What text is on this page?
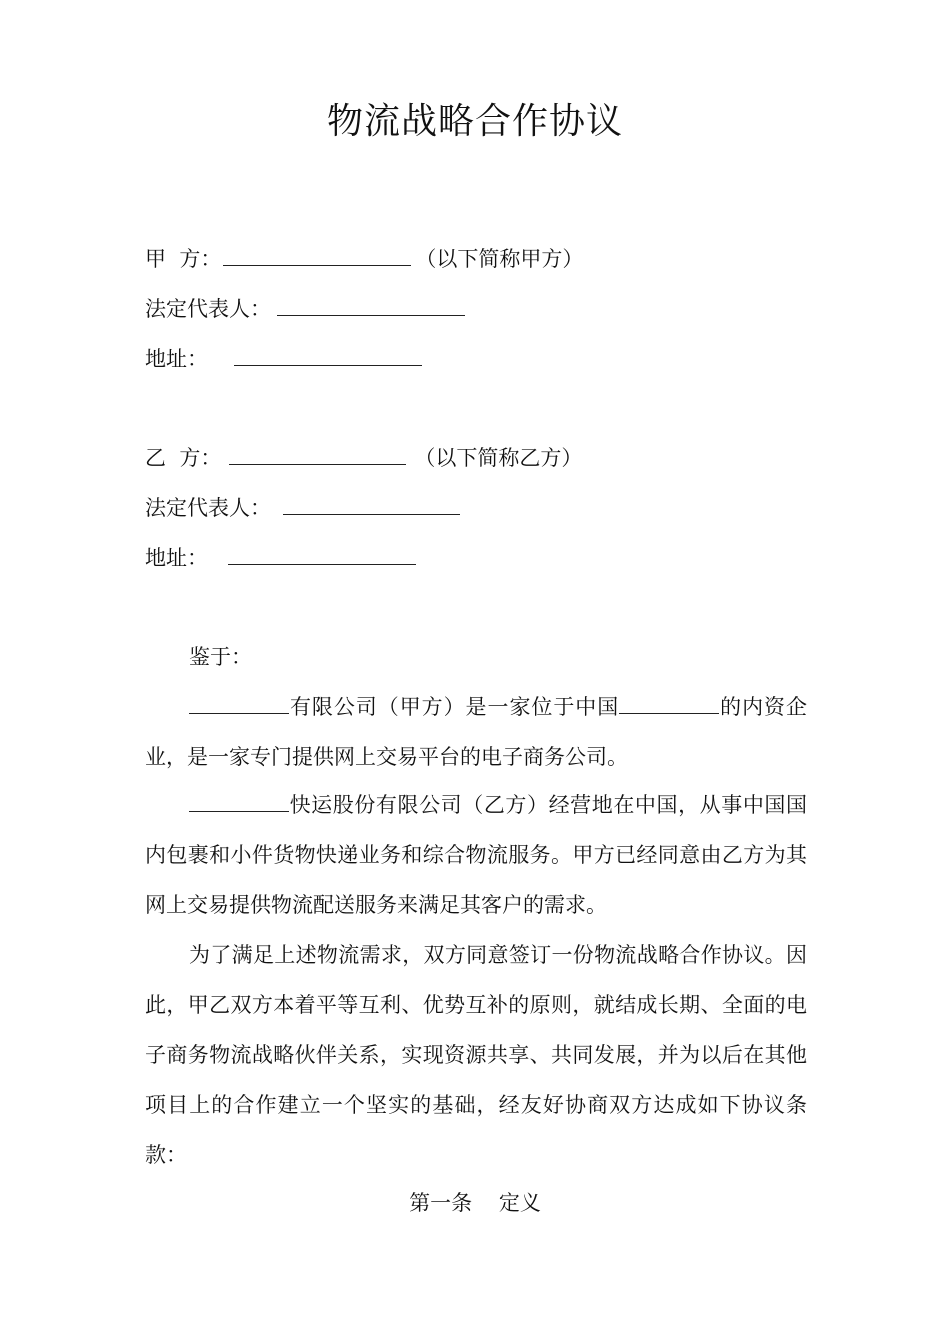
物流战略合作协议
甲  方：	（以下简称甲方）
法定代表人：
地址：
乙  方：	（以下简称乙方）
法定代表人：
地址：
鉴于：

有限公司（甲方）是一家位于中国	的内资企业，是一家专门提供网上交易平台的电子商务公司。

快运股份有限公司（乙方）经营地在中国，从事中国国内包裹和小件货物快递业务和综合物流服务。甲方已经同意由乙方为其网上交易提供物流配送服务来满足其客户的需求。

为了满足上述物流需求，双方同意签订一份物流战略合作协议。因此，甲乙双方本着平等互利、优势互补的原则，就结成长期、全面的电子商务物流战略伙伴关系，实现资源共享、共同发展，并为以后在其他项目上的合作建立一个坚实的基础，经友好协商双方达成如下协议条款：

第一条    定义
